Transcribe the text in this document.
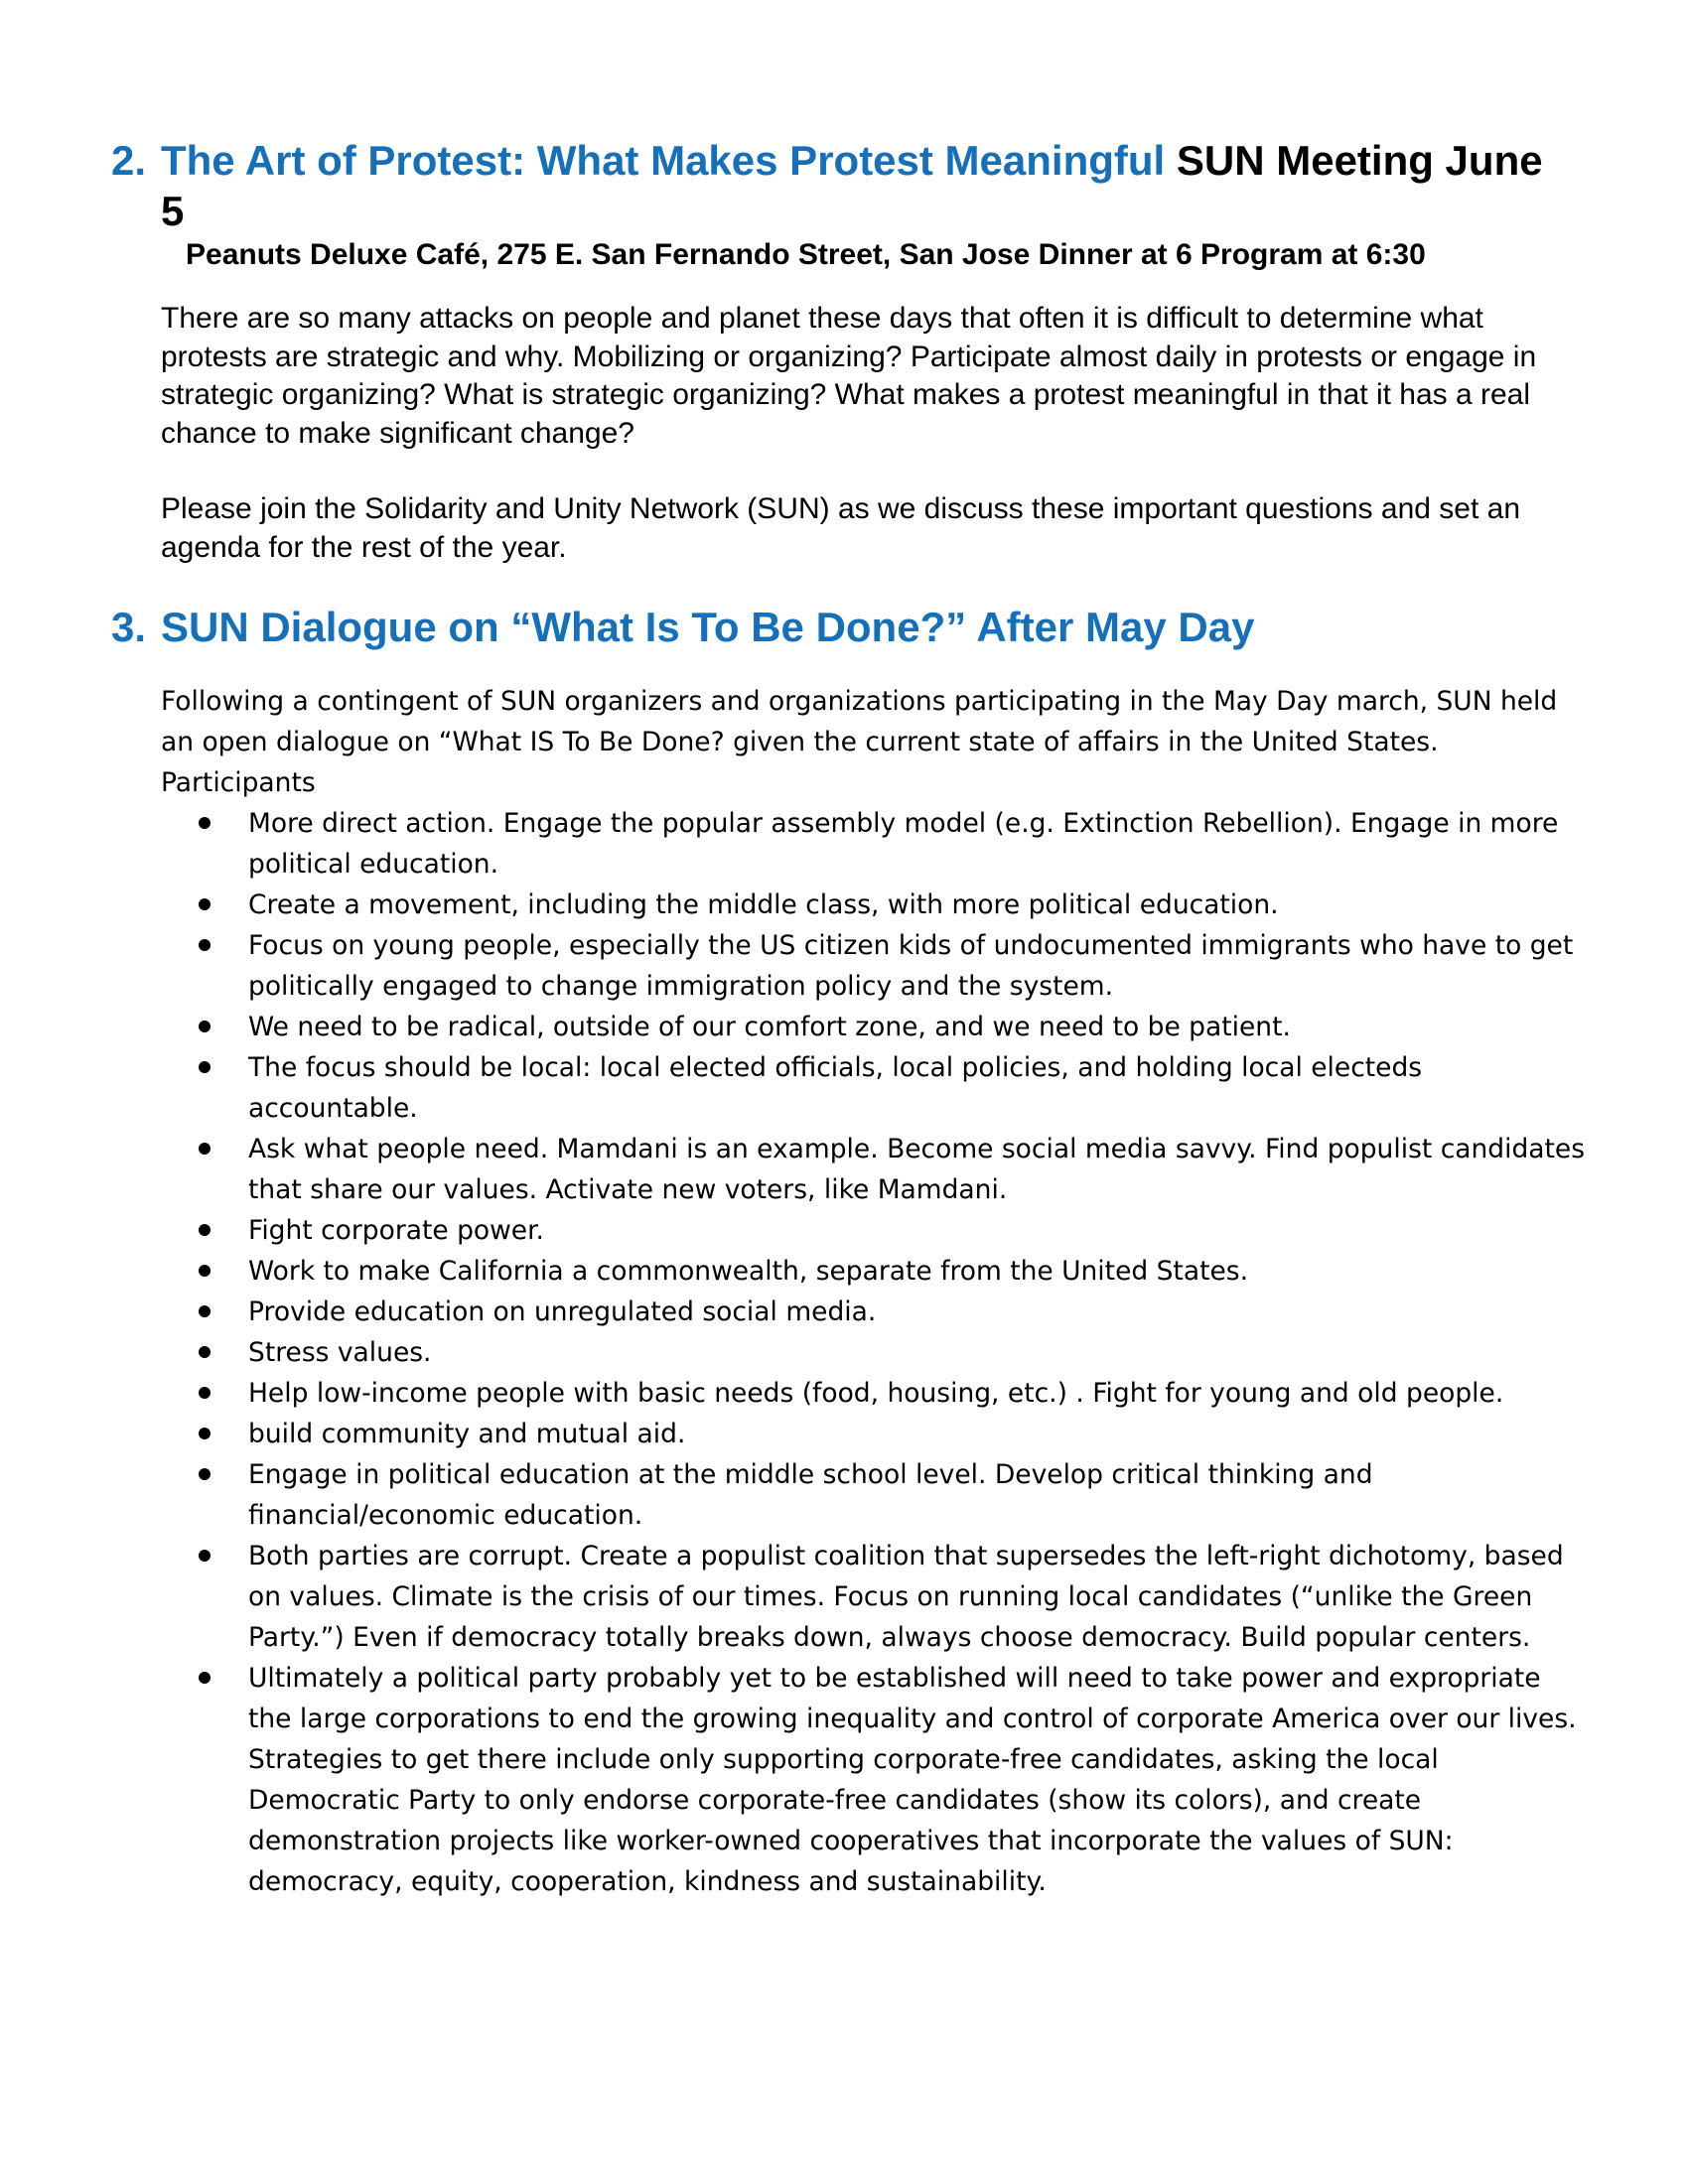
2. The Art of Protest: What Makes Protest Meaningful SUN Meeting June 5
Peanuts Deluxe Café, 275 E. San Fernando Street, San Jose Dinner at 6 Program at 6:30

There are so many attacks on people and planet these days that often it is difficult to determine what protests are strategic and why. Mobilizing or organizing? Participate almost daily in protests or engage in strategic organizing? What is strategic organizing? What makes a protest meaningful in that it has a real chance to make significant change?

Please join the Solidarity and Unity Network (SUN) as we discuss these important questions and set an agenda for the rest of the year.

3. SUN Dialogue on “What Is To Be Done?” After May Day

Following a contingent of SUN organizers and organizations participating in the May Day march, SUN held an open dialogue on “What IS To Be Done? given the current state of affairs in the United States. Participants

More direct action. Engage the popular assembly model (e.g. Extinction Rebellion). Engage in more political education.
Create a movement, including the middle class, with more political education.
Focus on young people, especially the US citizen kids of undocumented immigrants who have to get politically engaged to change immigration policy and the system.
We need to be radical, outside of our comfort zone, and we need to be patient.
The focus should be local: local elected officials, local policies, and holding local electeds accountable.
Ask what people need. Mamdani is an example. Become social media savvy. Find populist candidates that share our values. Activate new voters, like Mamdani.
Fight corporate power.
Work to make California a commonwealth, separate from the United States.
Provide education on unregulated social media.
Stress values.
Help low-income people with basic needs (food, housing, etc.) . Fight for young and old people.
build community and mutual aid.
Engage in political education at the middle school level. Develop critical thinking and financial/economic education.
Both parties are corrupt. Create a populist coalition that supersedes the left-right dichotomy, based on values. Climate is the crisis of our times. Focus on running local candidates (“unlike the Green Party.”) Even if democracy totally breaks down, always choose democracy. Build popular centers.
Ultimately a political party probably yet to be established will need to take power and expropriate the large corporations to end the growing inequality and control of corporate America over our lives. Strategies to get there include only supporting corporate-free candidates, asking the local Democratic Party to only endorse corporate-free candidates (show its colors), and create demonstration projects like worker-owned cooperatives that incorporate the values of SUN: democracy, equity, cooperation, kindness and sustainability.
